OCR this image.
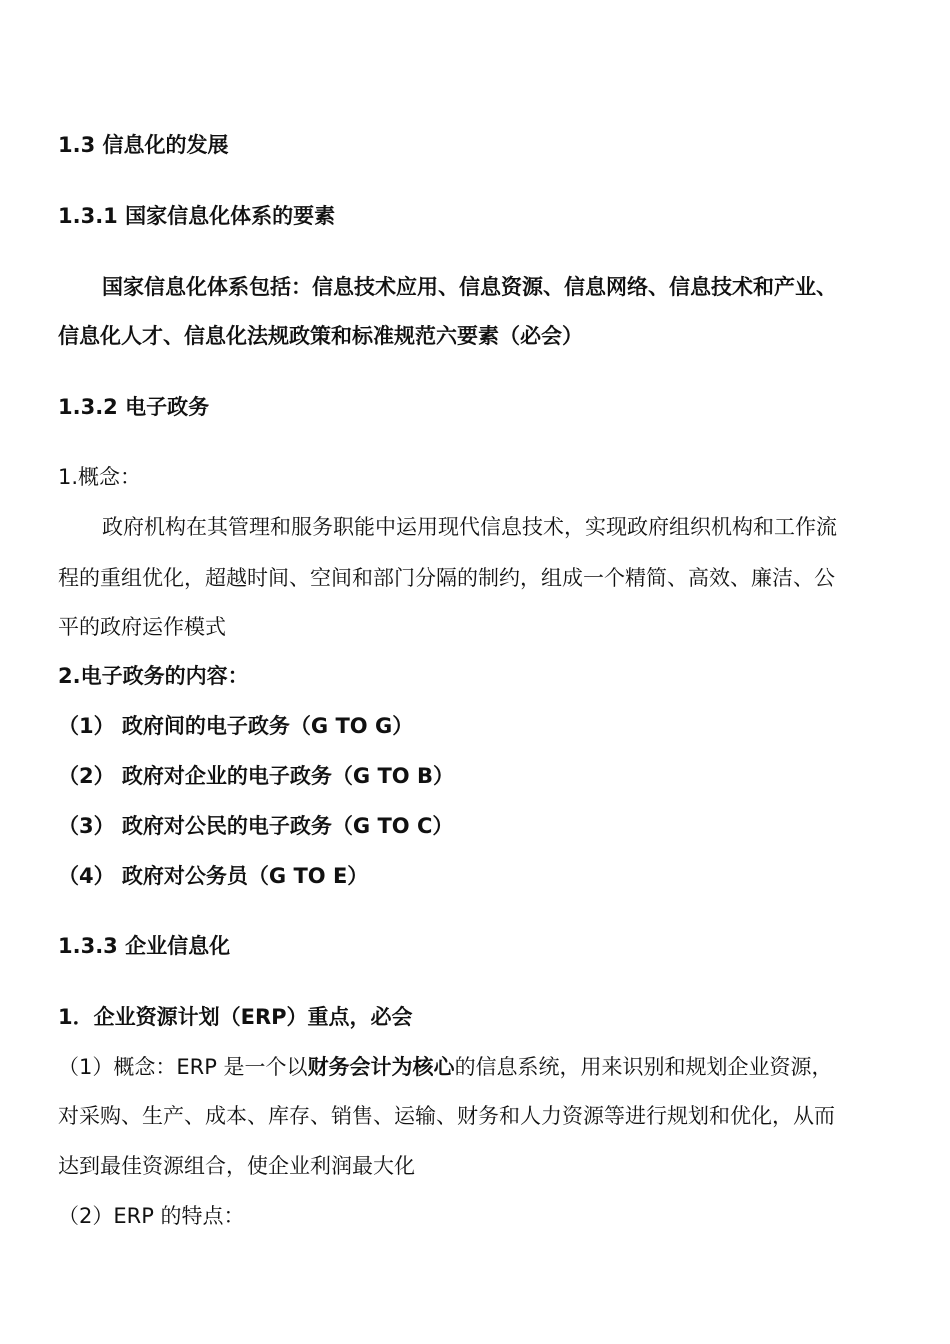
1.3 信息化的发展
1.3.1 国家信息化体系的要素
国家信息化体系包括：信息技术应用、信息资源、信息网络、信息技术和产业、
信息化人才、信息化法规政策和标准规范六要素（必会）
1.3.2 电子政务
1.概念：
政府机构在其管理和服务职能中运用现代信息技术，实现政府组织机构和工作流
程的重组优化，超越时间、空间和部门分隔的制约，组成一个精简、高效、廉洁、公
平的政府运作模式
2.电子政务的内容：
（1） 政府间的电子政务（G TO G）
（2） 政府对企业的电子政务（G TO B）
（3） 政府对公民的电子政务（G TO C）
（4） 政府对公务员（G TO E）
1.3.3 企业信息化
1．企业资源计划（ERP）重点，必会
（1）概念：ERP 是一个以财务会计为核心的信息系统，用来识别和规划企业资源，
对采购、生产、成本、库存、销售、运输、财务和人力资源等进行规划和优化，从而
达到最佳资源组合，使企业利润最大化
（2）ERP 的特点：
